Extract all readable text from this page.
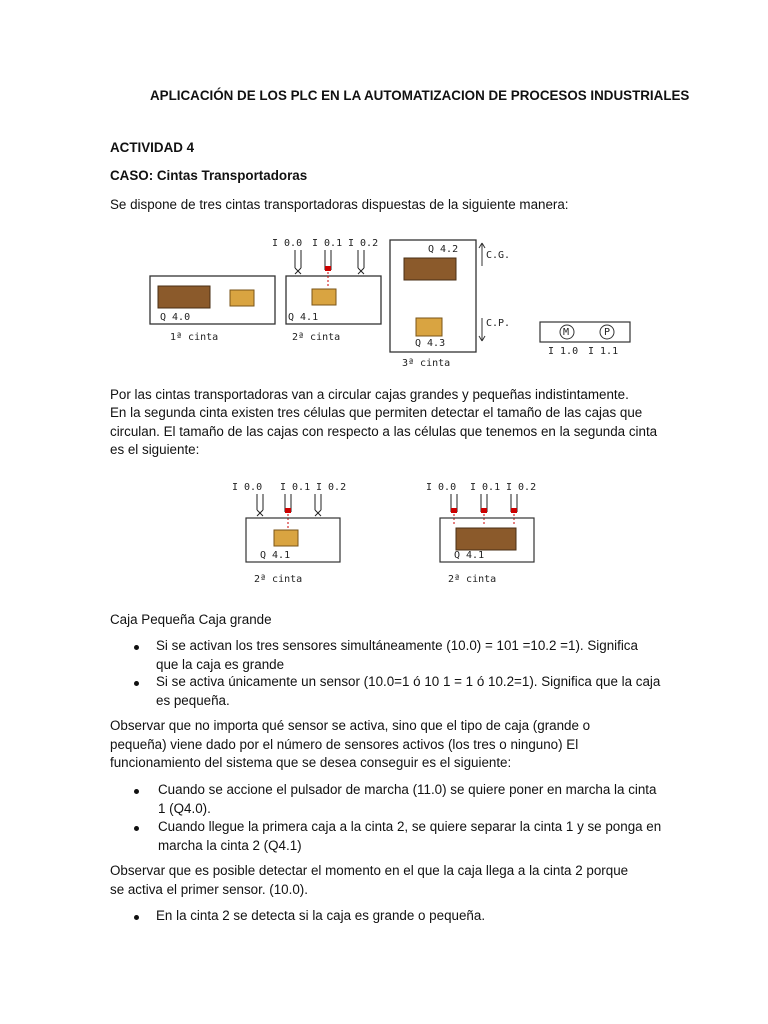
APLICACIÓN DE LOS PLC EN LA AUTOMATIZACION DE PROCESOS INDUSTRIALES
ACTIVIDAD 4
CASO: Cintas Transportadoras
Se dispone de tres cintas transportadoras dispuestas de la siguiente manera:
Q 4.0
1ª cinta
I 0.0 I 0.1 I 0.2
Q 4.1
2ª cinta
Q 4.2
Q 4.3
3ª cinta
C.G.
C.P.
M	P
I 1.0 I 1.1
Por las cintas transportadoras van a circular cajas grandes y pequeñas indistintamente.
En la segunda cinta existen tres células que permiten detectar el tamaño de las cajas que circulan. El tamaño de las cajas con respecto a las células que tenemos en la segunda cinta es el siguiente:
I 0.0 I 0.1 I 0.2
Q 4.1
2ª cinta
I 0.0 I 0.1 I 0.2
Q 4.1
2ª cinta
Caja Pequeña Caja grande
Si se activan los tres sensores simultáneamente (10.0) = 101 =10.2 =1). Significa que la caja es grande
Si se activa únicamente un sensor (10.0=1 ó 10 1 = 1 ó 10.2=1). Significa que la caja es pequeña.
Observar que no importa qué sensor se activa, sino que el tipo de caja (grande o pequeña) viene dado por el número de sensores activos (los tres o ninguno) El funcionamiento del sistema que se desea conseguir es el siguiente:
Cuando se accione el pulsador de marcha (11.0) se quiere poner en marcha la cinta 1 (Q4.0).
Cuando llegue la primera caja a la cinta 2, se quiere separar la cinta 1 y se ponga en marcha la cinta 2 (Q4.1)
Observar que es posible detectar el momento en el que la caja llega a la cinta 2 porque se activa el primer sensor. (10.0).
En la cinta 2 se detecta si la caja es grande o pequeña.
